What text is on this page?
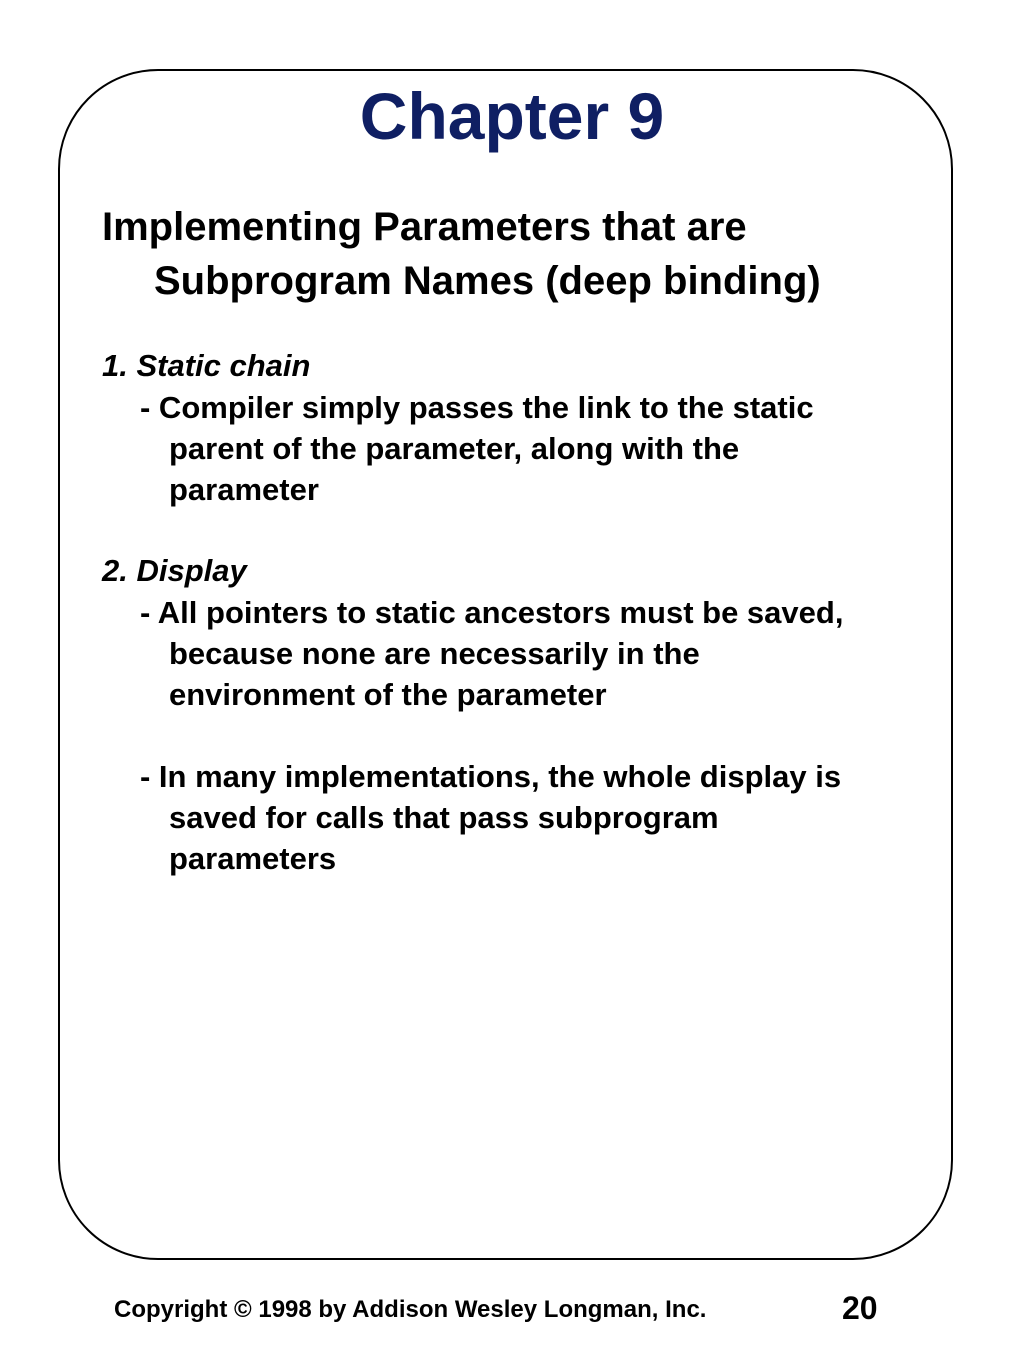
Chapter 9
Implementing Parameters that are
Subprogram Names (deep binding)
1. Static chain
- Compiler simply passes the link to the static
parent of the parameter, along with the
parameter
2. Display
- All pointers to static ancestors must be saved,
because none are necessarily in the
environment of the parameter
- In many implementations, the whole display is
saved for calls that pass subprogram
parameters
Copyright © 1998 by Addison Wesley Longman, Inc.	20
